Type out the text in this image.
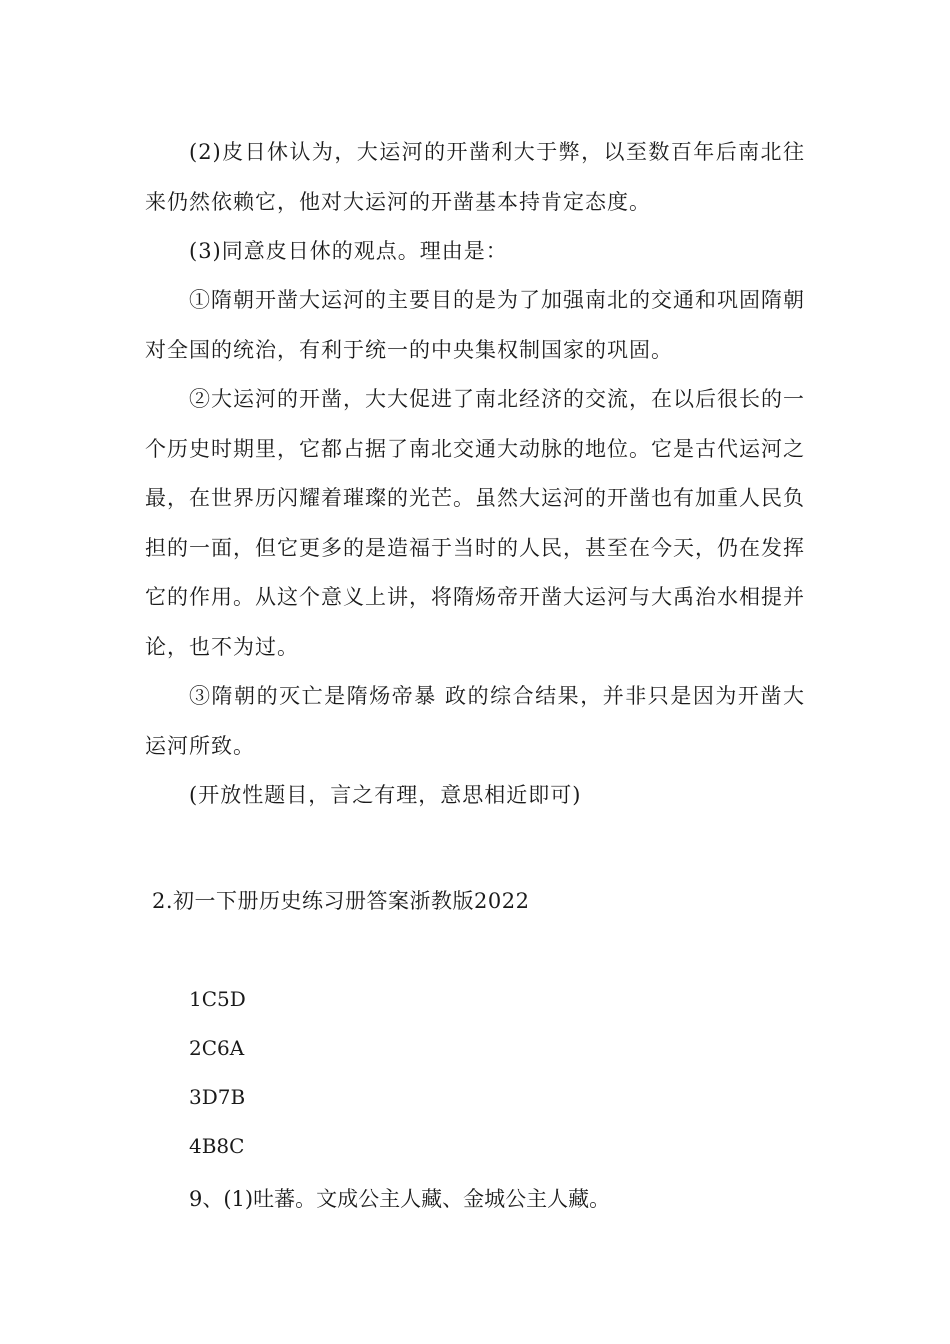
(2)皮日休认为，大运河的开凿利大于弊，以至数百年后南北往来仍然依赖它，他对大运河的开凿基本持肯定态度。

(3)同意皮日休的观点。理由是：

①隋朝开凿大运河的主要目的是为了加强南北的交通和巩固隋朝对全国的统治，有利于统一的中央集权制国家的巩固。

②大运河的开凿，大大促进了南北经济的交流，在以后很长的一个历史时期里，它都占据了南北交通大动脉的地位。它是古代运河之最，在世界历闪耀着璀璨的光芒。虽然大运河的开凿也有加重人民负担的一面，但它更多的是造福于当时的人民，甚至在今天，仍在发挥它的作用。从这个意义上讲，将隋炀帝开凿大运河与大禹治水相提并论，也不为过。

③隋朝的灭亡是隋炀帝暴 政的综合结果，并非只是因为开凿大运河所致。

(开放性题目，言之有理，意思相近即可)

2.初一下册历史练习册答案浙教版2022

1C5D

2C6A

3D7B

4B8C

9、(1)吐蕃。文成公主人藏、金城公主人藏。
